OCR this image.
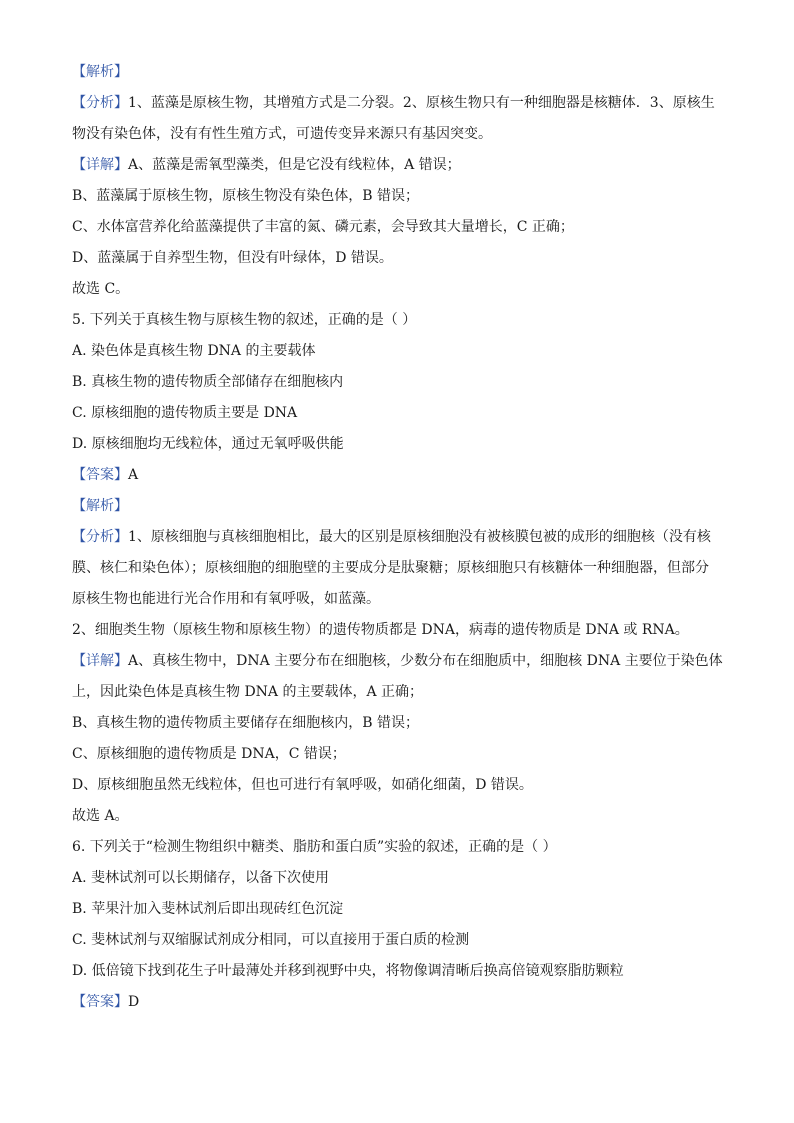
【解析】

【分析】1、蓝藻是原核生物，其增殖方式是二分裂。2、原核生物只有一种细胞器是核糖体．3、原核生

物没有染色体，没有有性生殖方式，可遗传变异来源只有基因突变。

【详解】A、蓝藻是需氧型藻类，但是它没有线粒体，A 错误；

B、蓝藻属于原核生物，原核生物没有染色体，B 错误；

C、水体富营养化给蓝藻提供了丰富的氮、磷元素，会导致其大量增长，C 正确；

D、蓝藻属于自养型生物，但没有叶绿体，D 错误。

故选 C。

5. 下列关于真核生物与原核生物的叙述，正确的是（ ）

A. 染色体是真核生物 DNA 的主要载体

B. 真核生物的遗传物质全部储存在细胞核内

C. 原核细胞的遗传物质主要是 DNA

D. 原核细胞均无线粒体，通过无氧呼吸供能

【答案】A

【解析】

【分析】1、原核细胞与真核细胞相比，最大的区别是原核细胞没有被核膜包被的成形的细胞核（没有核

膜、核仁和染色体）；原核细胞的细胞壁的主要成分是肽聚糖；原核细胞只有核糖体一种细胞器，但部分

原核生物也能进行光合作用和有氧呼吸，如蓝藻。

2、细胞类生物（原核生物和原核生物）的遗传物质都是 DNA，病毒的遗传物质是 DNA 或 RNA。

【详解】A、真核生物中，DNA 主要分布在细胞核，少数分布在细胞质中，细胞核 DNA 主要位于染色体

上，因此染色体是真核生物 DNA 的主要载体，A 正确；

B、真核生物的遗传物质主要储存在细胞核内，B 错误；

C、原核细胞的遗传物质是 DNA，C 错误；

D、原核细胞虽然无线粒体，但也可进行有氧呼吸，如硝化细菌，D 错误。

故选 A。

6. 下列关于“检测生物组织中糖类、脂肪和蛋白质”实验的叙述，正确的是（ ）

A. 斐林试剂可以长期储存，以备下次使用

B. 苹果汁加入斐林试剂后即出现砖红色沉淀

C. 斐林试剂与双缩脲试剂成分相同，可以直接用于蛋白质的检测

D. 低倍镜下找到花生子叶最薄处并移到视野中央，将物像调清晰后换高倍镜观察脂肪颗粒

【答案】D
